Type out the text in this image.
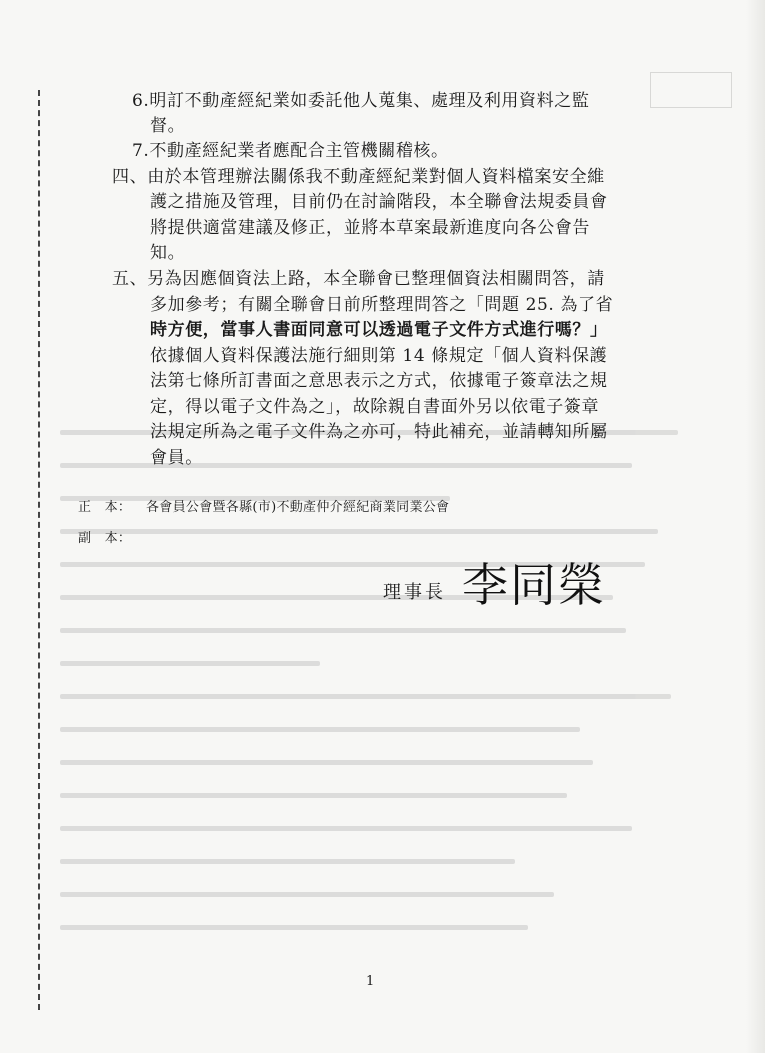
6.明訂不動產經紀業如委託他人蒐集、處理及利用資料之監
督。
7.不動產經紀業者應配合主管機關稽核。
四、由於本管理辦法關係我不動產經紀業對個人資料檔案安全維
護之措施及管理，目前仍在討論階段，本全聯會法規委員會
將提供適當建議及修正，並將本草案最新進度向各公會告
知。
五、另為因應個資法上路，本全聯會已整理個資法相關問答，請
多加參考；有關全聯會日前所整理問答之「問題 25. 為了省
時方便，當事人書面同意可以透過電子文件方式進行嗎？」
依據個人資料保護法施行細則第 14 條規定「個人資料保護
法第七條所訂書面之意思表示之方式，依據電子簽章法之規
定，得以電子文件為之」，故除親自書面外另以依電子簽章
法規定所為之電子文件為之亦可，特此補充，並請轉知所屬
會員。
正　本： 各會員公會暨各縣(市)不動產仲介經紀商業同業公會
副　本：
理事長 李同榮
1
